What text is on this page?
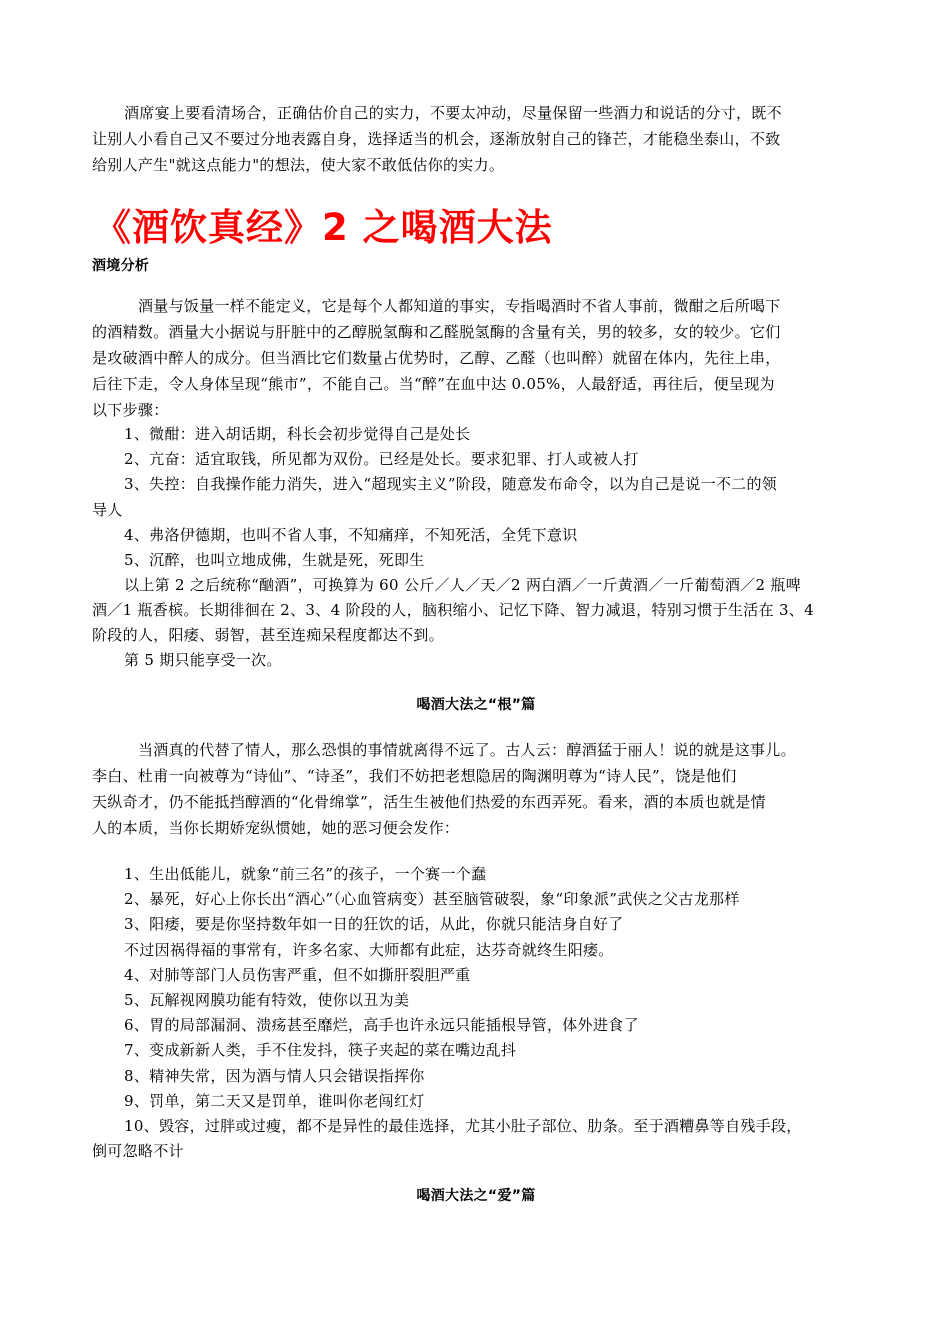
酒席宴上要看清场合，正确估价自己的实力，不要太冲动，尽量保留一些酒力和说话的分寸，既不

让别人小看自己又不要过分地表露自身，选择适当的机会，逐渐放射自己的锋芒，才能稳坐泰山，不致

给别人产生"就这点能力"的想法，使大家不敢低估你的实力。

《酒饮真经》2 之喝酒大法

酒境分析

酒量与饭量一样不能定义，它是每个人都知道的事实，专指喝酒时不省人事前，微酣之后所喝下

的酒精数。酒量大小据说与肝脏中的乙醇脱氢酶和乙醛脱氢酶的含量有关，男的较多，女的较少。它们

是攻破酒中醉人的成分。但当酒比它们数量占优势时，乙醇、乙醛（也叫醉）就留在体内，先往上串，

后往下走，令人身体呈现“熊市”，不能自己。当“醉”在血中达 0.05%，人最舒适，再往后，便呈现为

以下步骤：

1、微酣：进入胡话期，科长会初步觉得自己是处长

2、亢奋：适宜取钱，所见都为双份。已经是处长。要求犯罪、打人或被人打

3、失控：自我操作能力消失，进入“超现实主义”阶段，随意发布命令，以为自己是说一不二的领

导人

4、弗洛伊德期，也叫不省人事，不知痛痒，不知死活，全凭下意识

5、沉醉，也叫立地成佛，生就是死，死即生

以上第 2 之后统称“酗酒”，可换算为 60 公斤／人／天／2 两白酒／一斤黄酒／一斤葡萄酒／2 瓶啤

酒／1 瓶香槟。长期徘徊在 2、3、4 阶段的人，脑积缩小、记忆下降、智力减退，特别习惯于生活在 3、4

阶段的人，阳痿、弱智，甚至连痴呆程度都达不到。

第 5 期只能享受一次。

喝酒大法之“根”篇

当酒真的代替了情人，那么恐惧的事情就离得不远了。古人云：醇酒猛于丽人！说的就是这事儿。

李白、杜甫一向被尊为“诗仙”、“诗圣”，我们不妨把老想隐居的陶渊明尊为“诗人民”，饶是他们

天纵奇才，仍不能抵挡醇酒的“化骨绵掌”，活生生被他们热爱的东西弄死。看来，酒的本质也就是情

人的本质，当你长期娇宠纵惯她，她的恶习便会发作：

1、生出低能儿，就象“前三名”的孩子，一个赛一个蠢

2、暴死，好心上你长出“酒心”（心血管病变）甚至脑管破裂，象“印象派”武侠之父古龙那样

3、阳痿，要是你坚持数年如一日的狂饮的话，从此，你就只能洁身自好了

不过因祸得福的事常有，许多名家、大师都有此症，达芬奇就终生阳痿。

4、对肺等部门人员伤害严重，但不如撕肝裂胆严重

5、瓦解视网膜功能有特效，使你以丑为美

6、胃的局部漏洞、溃疡甚至靡烂，高手也许永远只能插根导管，体外进食了

7、变成新新人类，手不住发抖，筷子夹起的菜在嘴边乱抖

8、精神失常，因为酒与情人只会错误指挥你

9、罚单，第二天又是罚单，谁叫你老闯红灯

10、毁容，过胖或过瘦，都不是异性的最佳选择，尤其小肚子部位、肋条。至于酒糟鼻等自残手段，

倒可忽略不计

喝酒大法之“爱”篇
